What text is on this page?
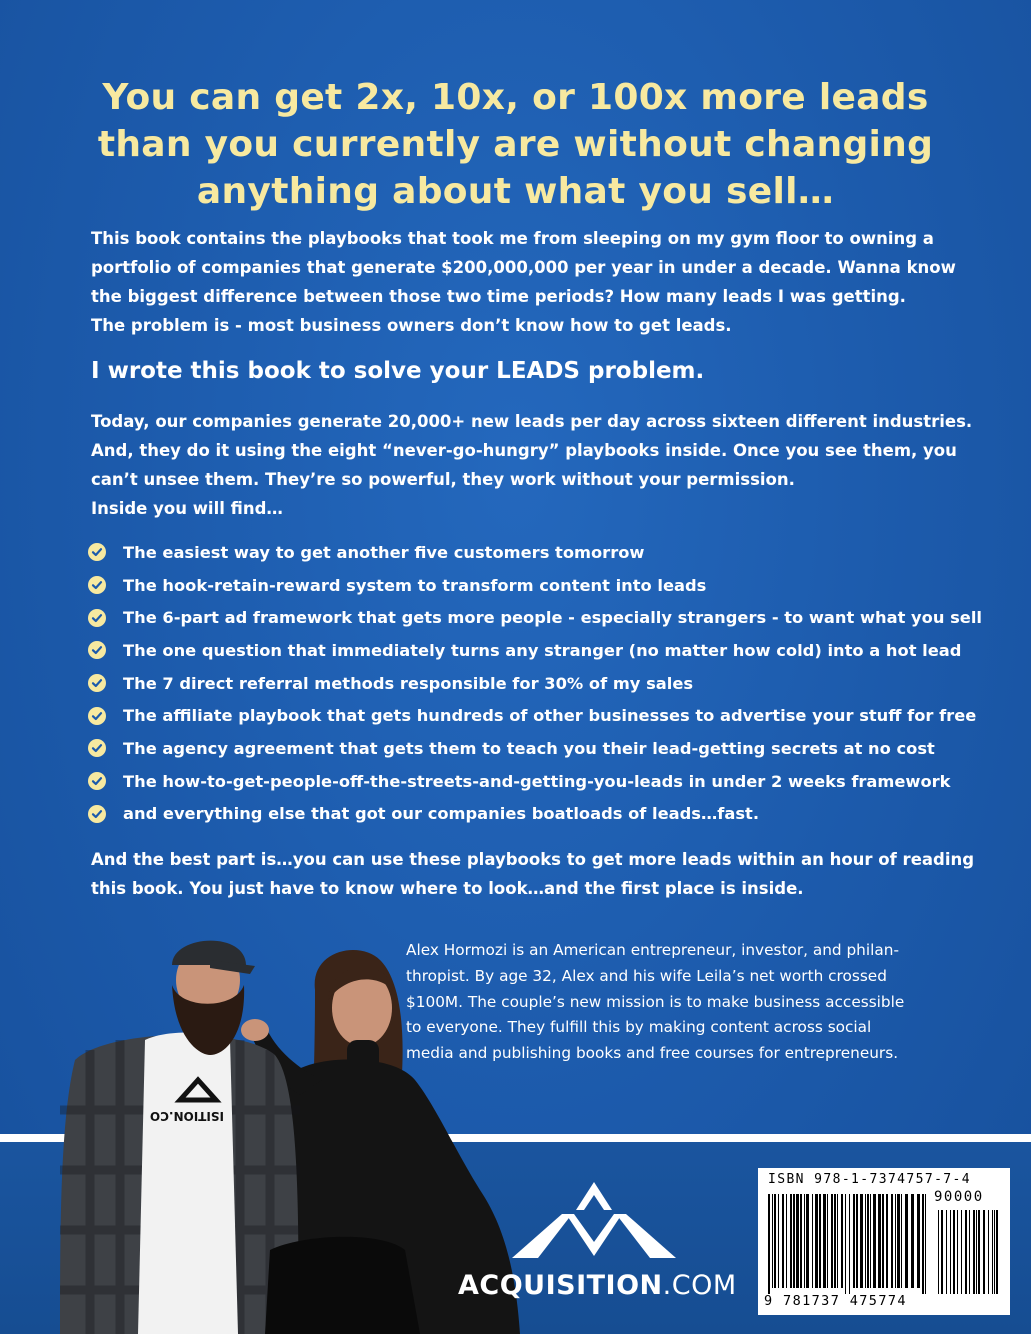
You can get 2x, 10x, or 100x more leads
than you currently are without changing
anything about what you sell…

This book contains the playbooks that took me from sleeping on my gym floor to owning a
portfolio of companies that generate $200,000,000 per year in under a decade. Wanna know
the biggest difference between those two time periods? How many leads I was getting.
The problem is - most business owners don’t know how to get leads.

I wrote this book to solve your LEADS problem.

Today, our companies generate 20,000+ new leads per day across sixteen different industries.
And, they do it using the eight “never-go-hungry” playbooks inside. Once you see them, you
can’t unsee them. They’re so powerful, they work without your permission.
Inside you will find…

The easiest way to get another five customers tomorrow
The hook-retain-reward system to transform content into leads
The 6-part ad framework that gets more people - especially strangers - to want what you sell
The one question that immediately turns any stranger (no matter how cold) into a hot lead
The 7 direct referral methods responsible for 30% of my sales
The affiliate playbook that gets hundreds of other businesses to advertise your stuff for free
The agency agreement that gets them to teach you their lead-getting secrets at no cost
The how-to-get-people-off-the-streets-and-getting-you-leads in under 2 weeks framework
and everything else that got our companies boatloads of leads…fast.

And the best part is…you can use these playbooks to get more leads within an hour of reading
this book. You just have to know where to look…and the first place is inside.

Alex Hormozi is an American entrepreneur, investor, and philan-
thropist. By age 32, Alex and his wife Leila’s net worth crossed
$100M. The couple’s new mission is to make business accessible
to everyone. They fulfill this by making content across social
media and publishing books and free courses for entrepreneurs.

ISITION.CO
ACQUISITION.COM
ISBN 978-1-7374757-7-4
90000
9 781737 475774
